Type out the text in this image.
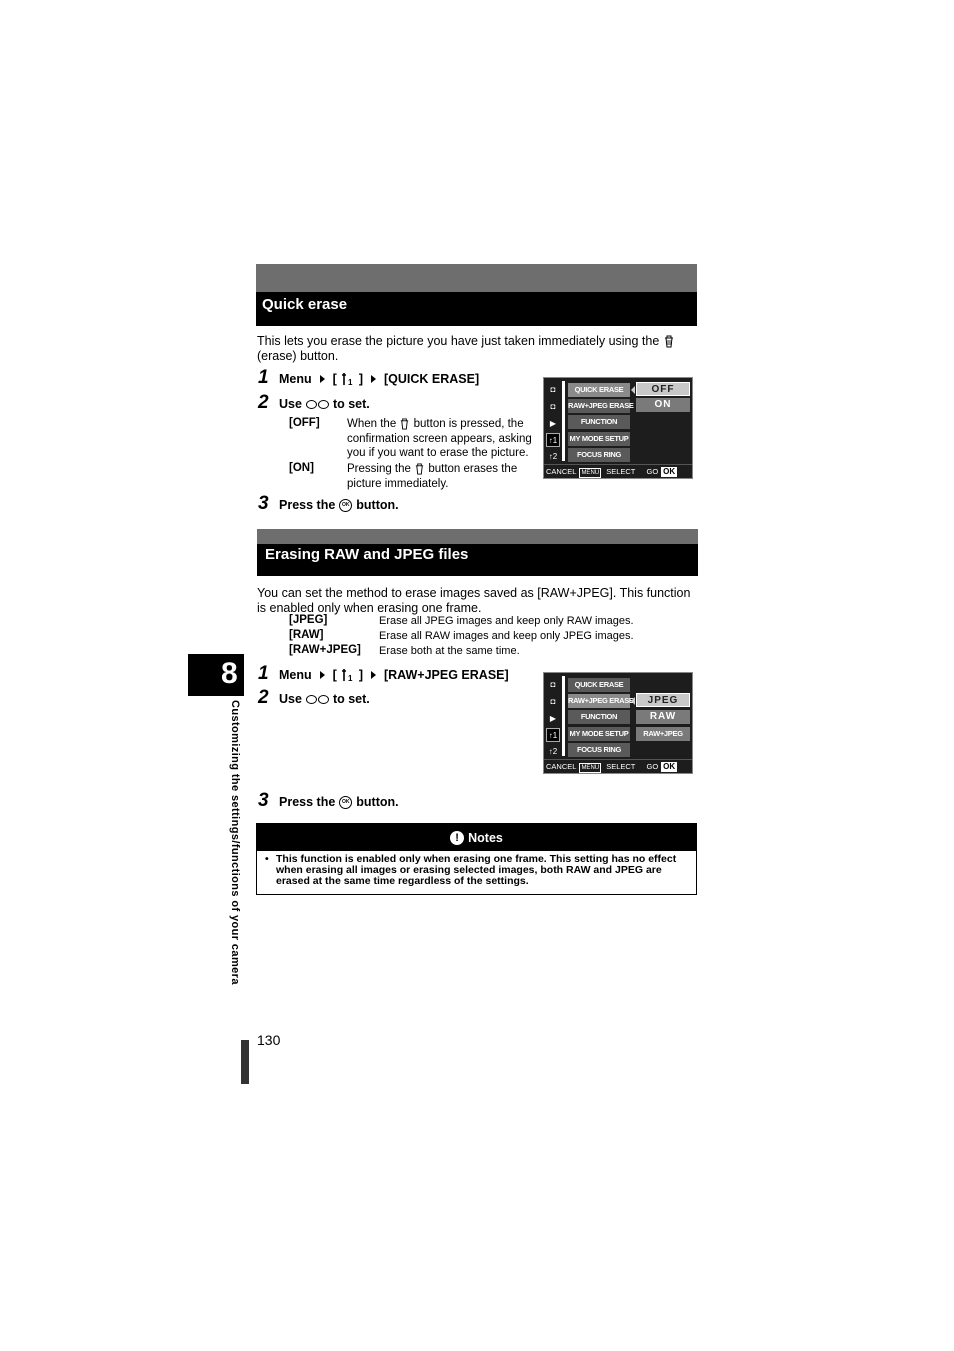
Quick erase
This lets you erase the picture you have just taken immediately using the
(erase) button.
1 Menu [ 1 ] [QUICK ERASE]
2 Use to set.
[OFF] When the button is pressed, the
confirmation screen appears, asking
you if you want to erase the picture.
[ON]	Pressing the button erases the
picture immediately.
3 Press the	OK button.
◘
◘
▶
↑1
↑2
QUICK ERASE
RAW+JPEG ERASE
FUNCTION
MY MODE SETUP
FOCUS RING
OFF
ON
CANCEL MENU SELECT GO OK
Erasing RAW and JPEG files
You can set the method to erase images saved as [RAW+JPEG]. This function
is enabled only when erasing one frame.
[JPEG]	Erase all JPEG images and keep only RAW images.
[RAW]	Erase all RAW images and keep only JPEG images.
[RAW+JPEG] Erase both at the same time.
1 Menu [ 1 ] [RAW+JPEG ERASE]
2 Use to set.
3 Press the	OK button.
◘
◘
▶
↑1
↑2
QUICK ERASE
RAW+JPEG ERASE
FUNCTION
MY MODE SETUP
FOCUS RING
JPEG
RAW
RAW+JPEG
CANCEL MENU SELECT GO OK
! Notes
• This function is enabled only when erasing one frame. This setting has no effect when erasing all images or erasing selected images, both RAW and JPEG are erased at the same time regardless of the settings.
8
Customizing the settings/functions of your camera
130
